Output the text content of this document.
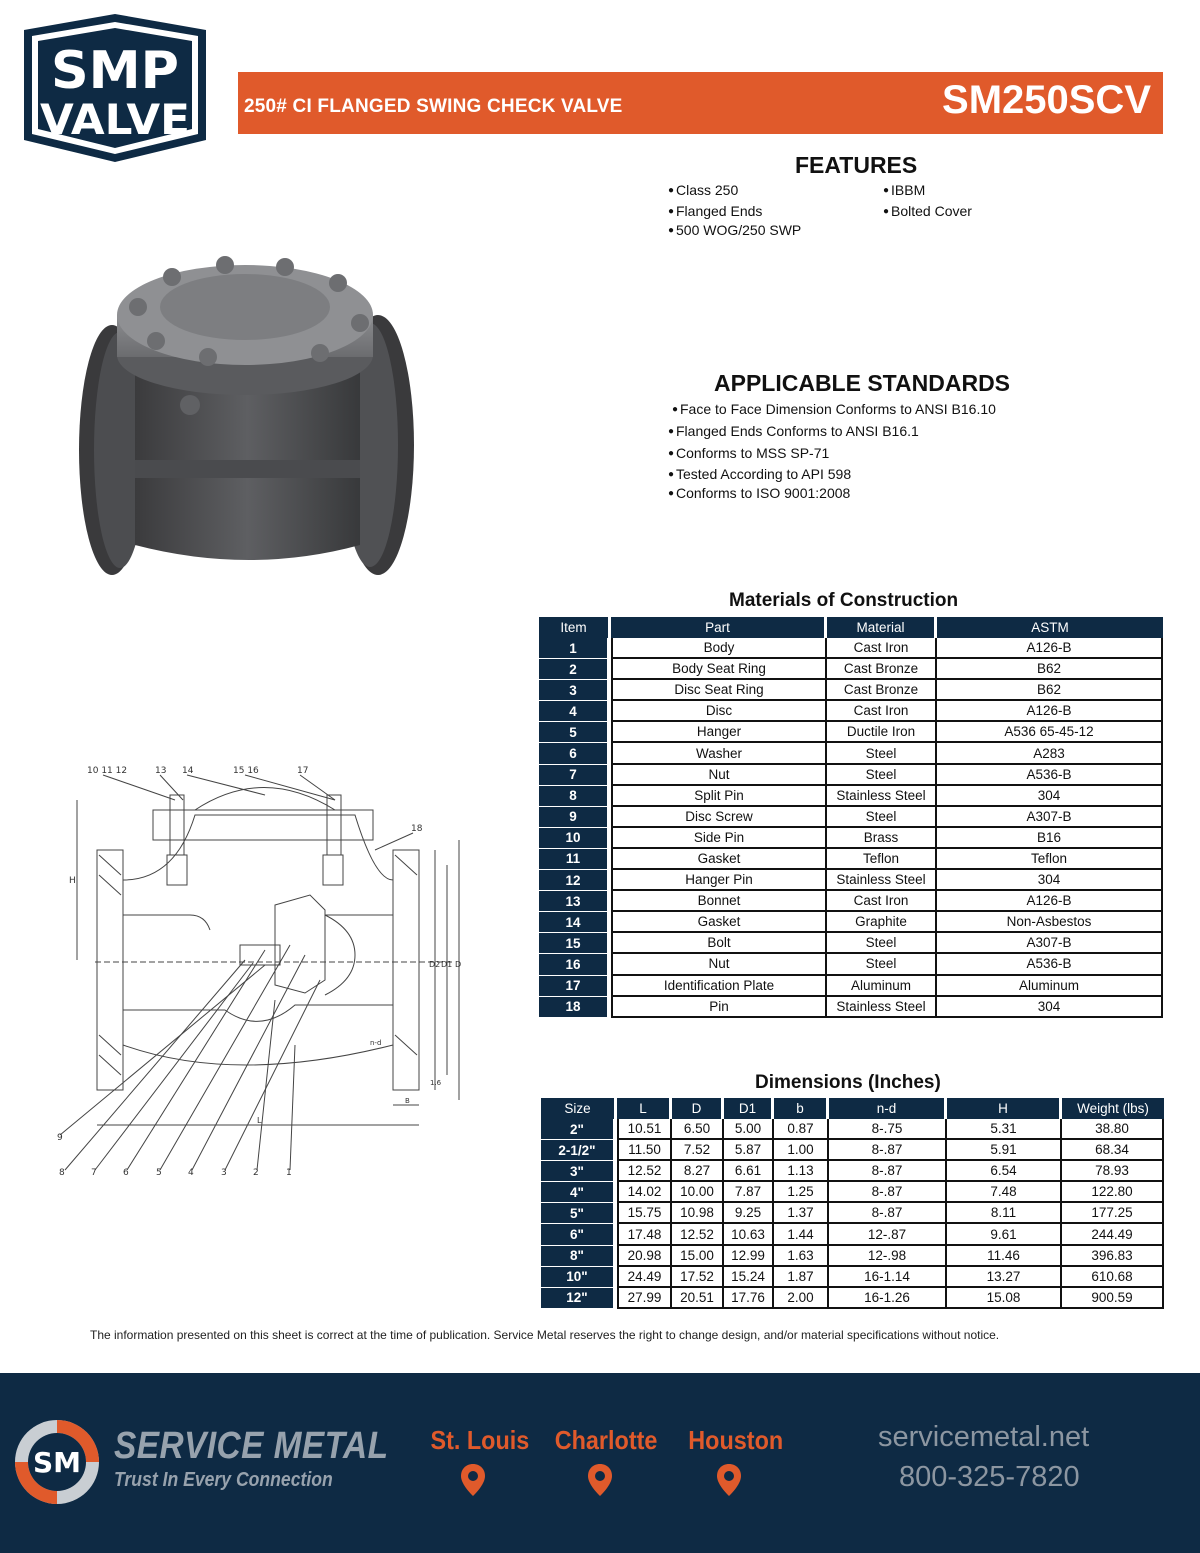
SMP
VALVE	250# CI FLANGED SWING CHECK VALVE	SM250SCV
FEATURES
● Class 250
● Flanged Ends
● 500 WOG/250 SWP
● IBBM
● Bolted Cover
APPLICABLE STANDARDS
● Face to Face Dimension Conforms to ANSI B16.10
● Flanged Ends Conforms to ANSI B16.1
● Conforms to MSS SP-71
● Tested According to API 598
● Conforms to ISO 9001:2008
10 11 12	13 14	15 16	17
18
9
8	7	6	5	4	3	2	1
H
D2 D1 D
1.6
B
L
n-d
Materials of Construction
Item	Part	Material	ASTM
1	Body	Cast Iron	A126-B
2	Body Seat Ring	Cast Bronze	B62
3	Disc Seat Ring	Cast Bronze	B62
4	Disc	Cast Iron	A126-B
5	Hanger	Ductile Iron	A536 65-45-12
6	Washer	Steel	A283
7	Nut	Steel	A536-B
8	Split Pin	Stainless Steel	304
9	Disc Screw	Steel	A307-B
10	Side Pin	Brass	B16
11	Gasket	Teflon	Teflon
12	Hanger Pin	Stainless Steel	304
13	Bonnet	Cast Iron	A126-B
14	Gasket	Graphite	Non-Asbestos
15	Bolt	Steel	A307-B
16	Nut	Steel	A536-B
17	Identification Plate	Aluminum	Aluminum
18	Pin	Stainless Steel	304
Dimensions (Inches)
Size	L	D	D1	b	n-d	H	Weight (lbs)
2"	10.51	6.50	5.00	0.87	8-.75	5.31	38.80
2-1/2"	11.50	7.52	5.87	1.00	8-.87	5.91	68.34
3"	12.52	8.27	6.61	1.13	8-.87	6.54	78.93
4"	14.02	10.00	7.87	1.25	8-.87	7.48	122.80
5"	15.75	10.98	9.25	1.37	8-.87	8.11	177.25
6"	17.48	12.52	10.63	1.44	12-.87	9.61	244.49
8"	20.98	15.00	12.99	1.63	12-.98	11.46	396.83
10"	24.49	17.52	15.24	1.87	16-1.14	13.27	610.68
12"	27.99	20.51	17.76	2.00	16-1.26	15.08	900.59
The information presented on this sheet is correct at the time of publication. Service Metal reserves the right to change design, and/or material specifications without notice.
SM SERVICE METAL
Trust In Every Connection
St. Louis Charlotte Houston	servicemetal.net
800-325-7820
